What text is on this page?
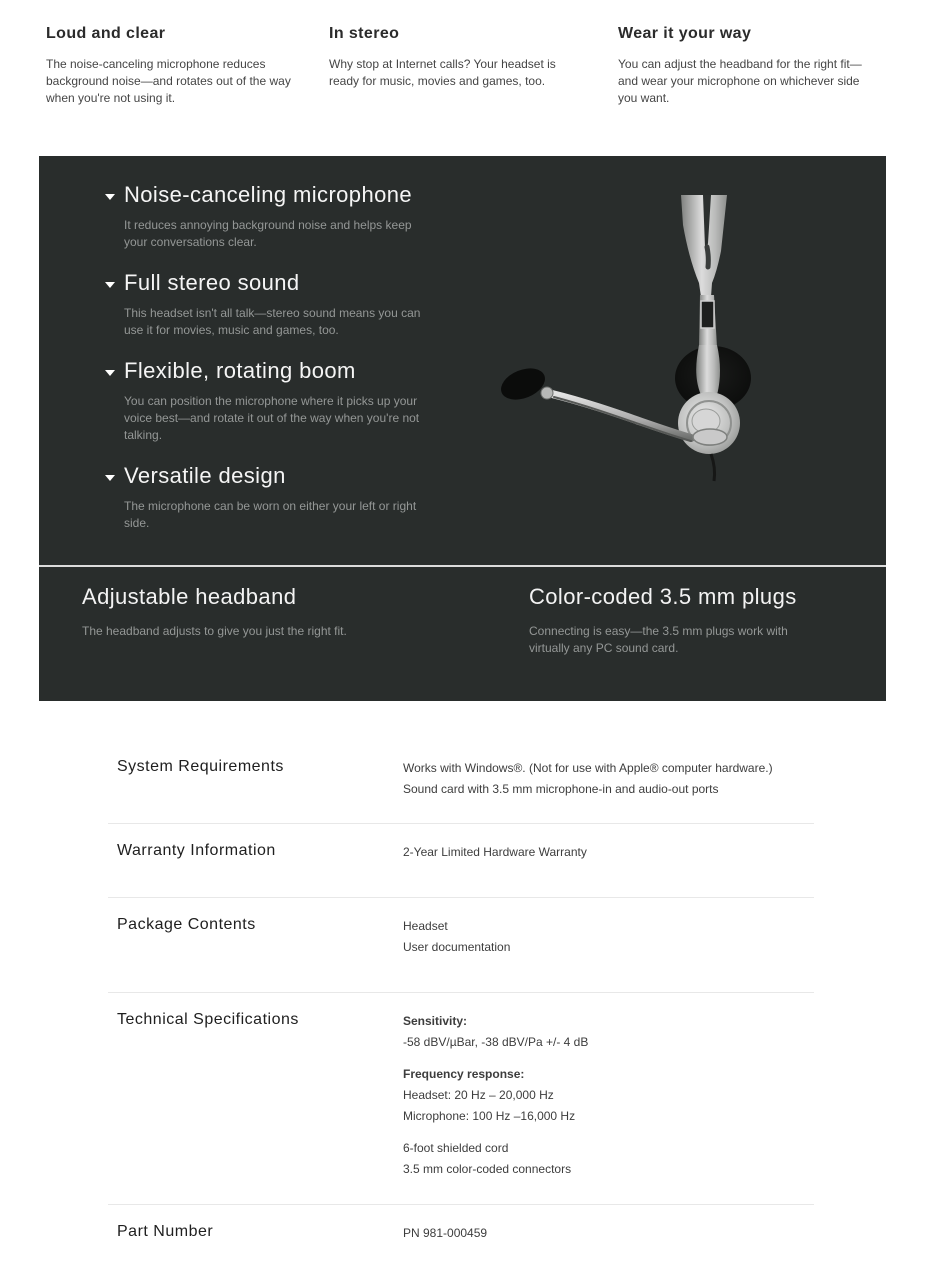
Loud and clear

The noise-canceling microphone reduces background noise—and rotates out of the way when you're not using it.

In stereo

Why stop at Internet calls? Your headset is ready for music, movies and games, too.

Wear it your way

You can adjust the headband for the right fit—and wear your microphone on whichever side you want.

Noise-canceling microphone

It reduces annoying background noise and helps keep your conversations clear.

Full stereo sound

This headset isn't all talk—stereo sound means you can use it for movies, music and games, too.

Flexible, rotating boom

You can position the microphone where it picks up your voice best—and rotate it out of the way when you're not talking.

Versatile design

The microphone can be worn on either your left or right side.

Adjustable headband

The headband adjusts to give you just the right fit.

Color-coded 3.5 mm plugs

Connecting is easy—the 3.5 mm plugs work with virtually any PC sound card.

System Requirements	Works with Windows®. (Not for use with Apple® computer hardware.)
Sound card with 3.5 mm microphone-in and audio-out ports
Warranty Information	2-Year Limited Hardware Warranty
Package Contents	Headset
User documentation
Technical Specifications	Sensitivity:
-58 dBV/µBar, -38 dBV/Pa +/- 4 dB
Frequency response:
Headset: 20 Hz – 20,000 Hz
Microphone: 100 Hz –16,000 Hz
6-foot shielded cord
3.5 mm color-coded connectors
Part Number	PN 981-000459
